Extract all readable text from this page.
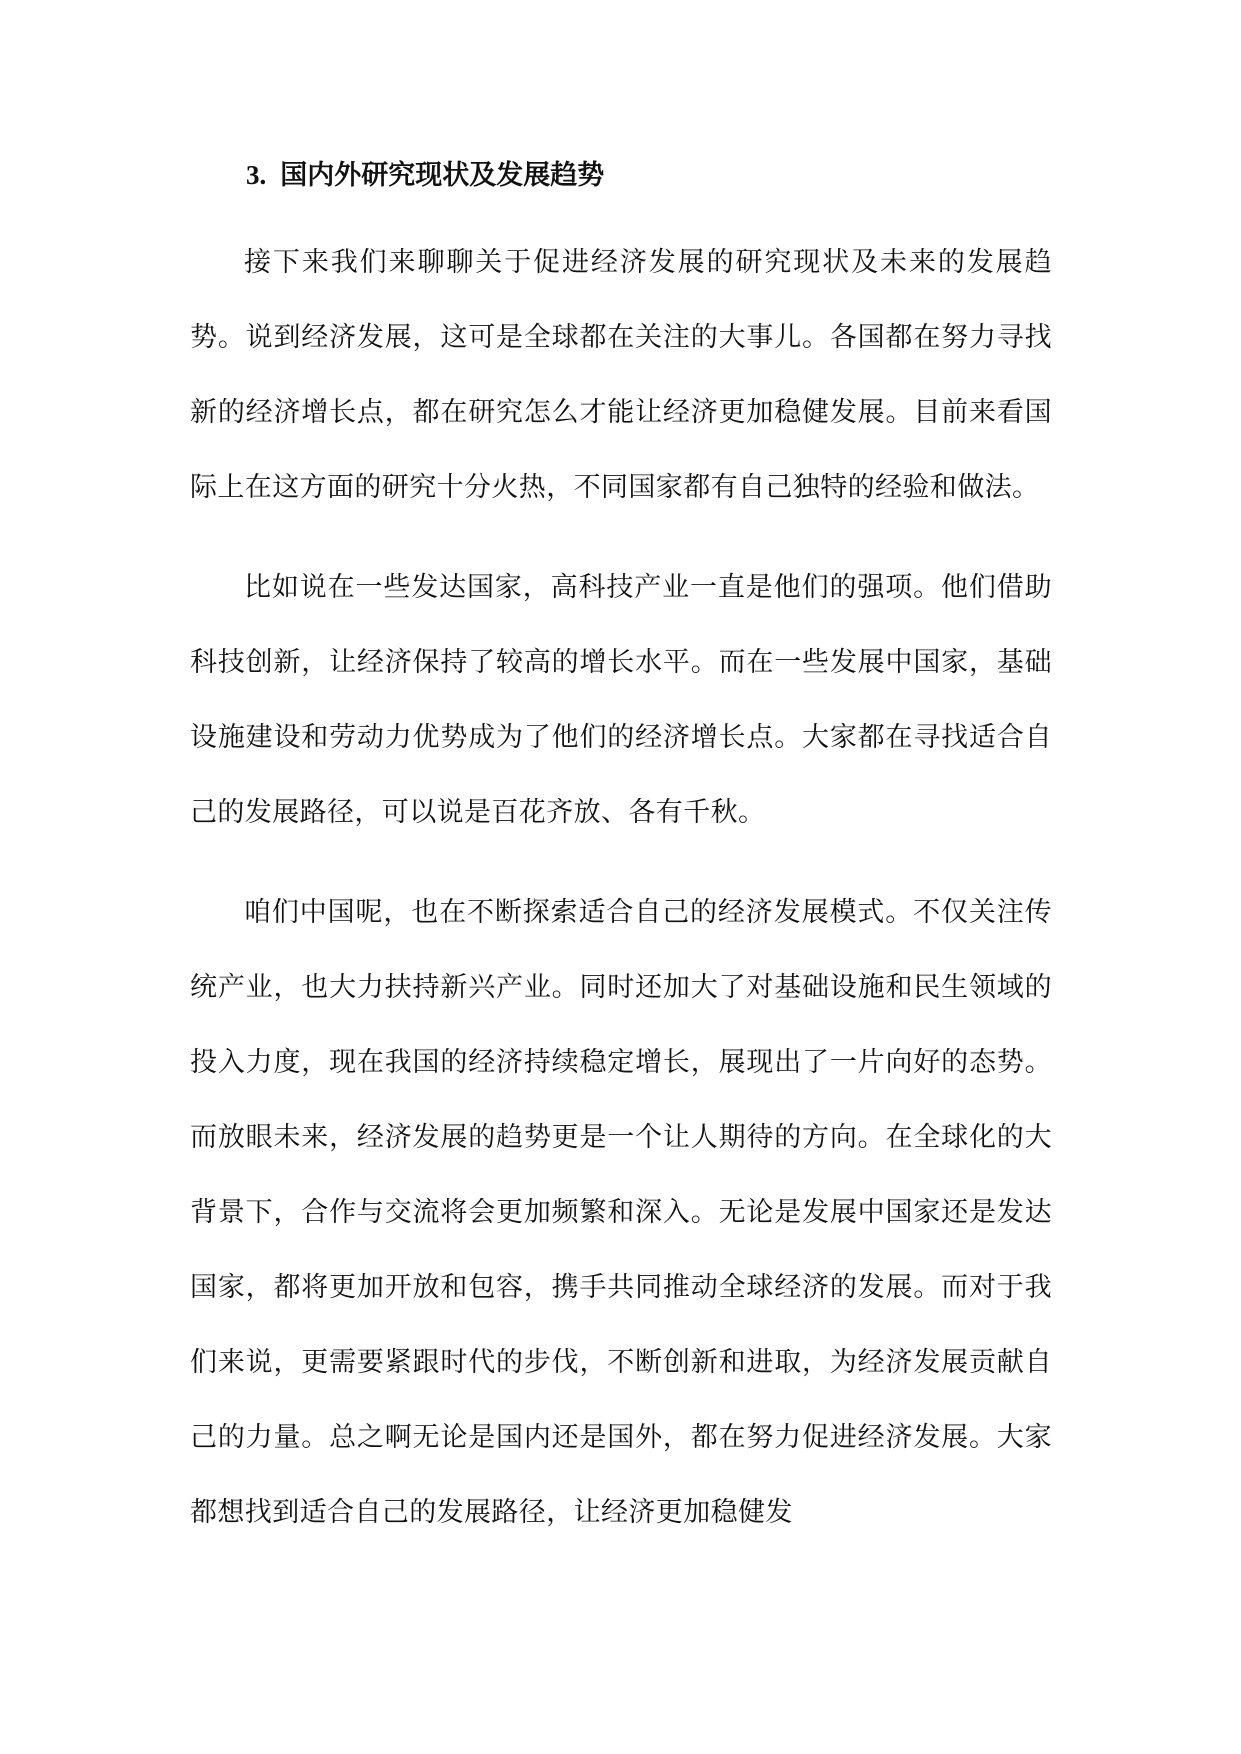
3. 国内外研究现状及发展趋势

接下来我们来聊聊关于促进经济发展的研究现状及未来的发展趋势。说到经济发展，这可是全球都在关注的大事儿。各国都在努力寻找新的经济增长点，都在研究怎么才能让经济更加稳健发展。目前来看国际上在这方面的研究十分火热，不同国家都有自己独特的经验和做法。

比如说在一些发达国家，高科技产业一直是他们的强项。他们借助科技创新，让经济保持了较高的增长水平。而在一些发展中国家，基础设施建设和劳动力优势成为了他们的经济增长点。大家都在寻找适合自己的发展路径，可以说是百花齐放、各有千秋。

咱们中国呢，也在不断探索适合自己的经济发展模式。不仅关注传统产业，也大力扶持新兴产业。同时还加大了对基础设施和民生领域的投入力度，现在我国的经济持续稳定增长，展现出了一片向好的态势。而放眼未来，经济发展的趋势更是一个让人期待的方向。在全球化的大背景下，合作与交流将会更加频繁和深入。无论是发展中国家还是发达国家，都将更加开放和包容，携手共同推动全球经济的发展。而对于我们来说，更需要紧跟时代的步伐，不断创新和进取，为经济发展贡献自己的力量。总之啊无论是国内还是国外，都在努力促进经济发展。大家都想找到适合自己的发展路径，让经济更加稳健发
